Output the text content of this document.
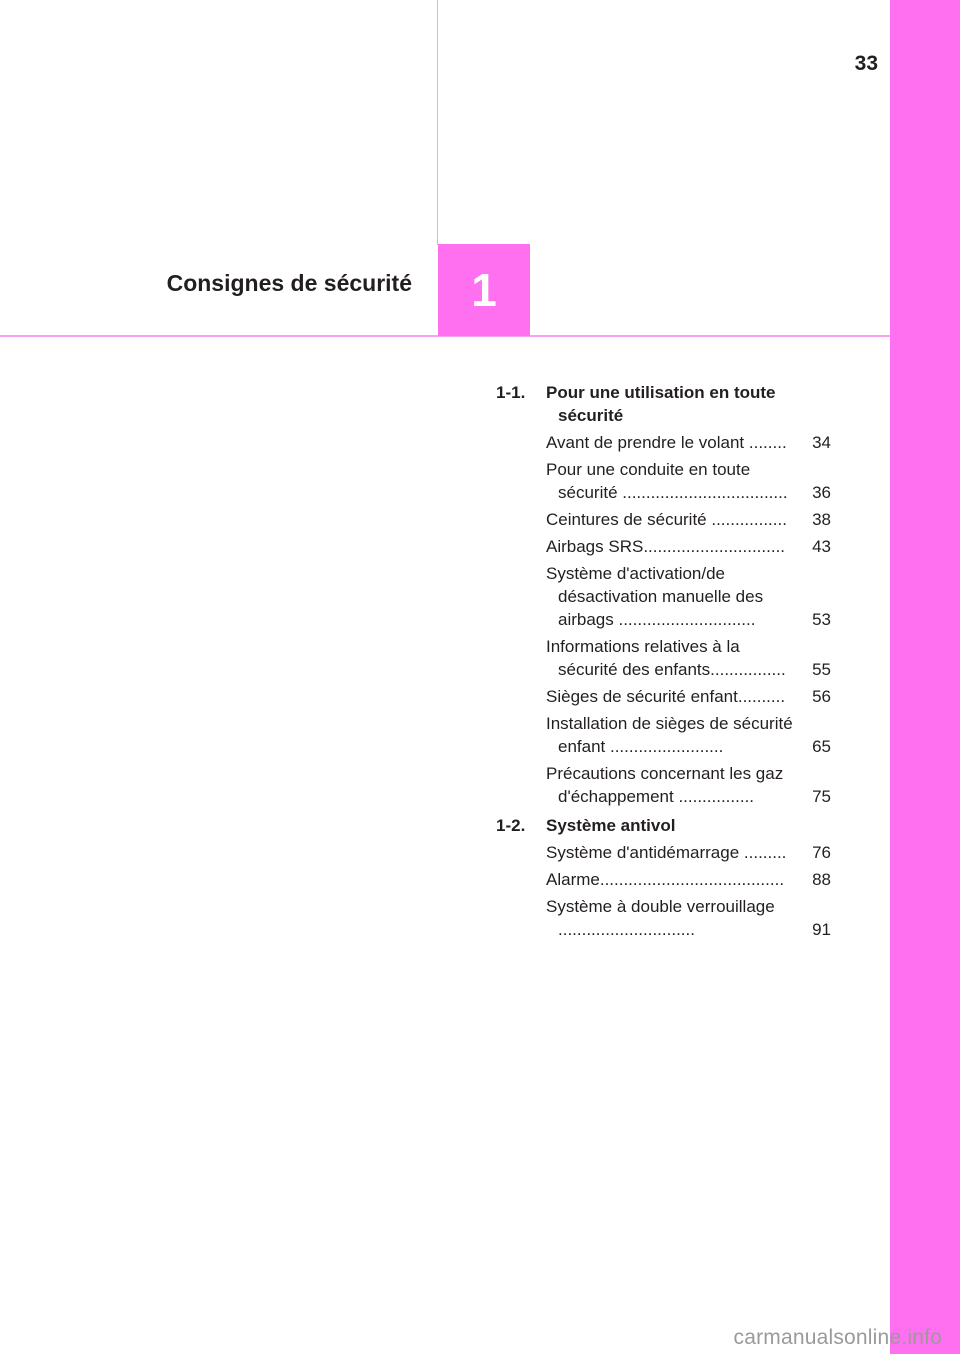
33
Consignes de sécurité	1
1-1.	Pour une utilisation en toute sécurité
Avant de prendre le volant ........	34
Pour une conduite en toute sécurité ...................................	36
Ceintures de sécurité ................	38
Airbags SRS..............................	43
Système d'activation/de désactivation manuelle des airbags .............................	53
Informations relatives à la sécurité des enfants................	55
Sièges de sécurité enfant..........	56
Installation de sièges de sécurité enfant ........................	65
Précautions concernant les gaz d'échappement ................	75
1-2.	Système antivol
Système d'antidémarrage .........	76
Alarme.......................................	88
Système à double verrouillage .............................	91
carmanualsonline.info
